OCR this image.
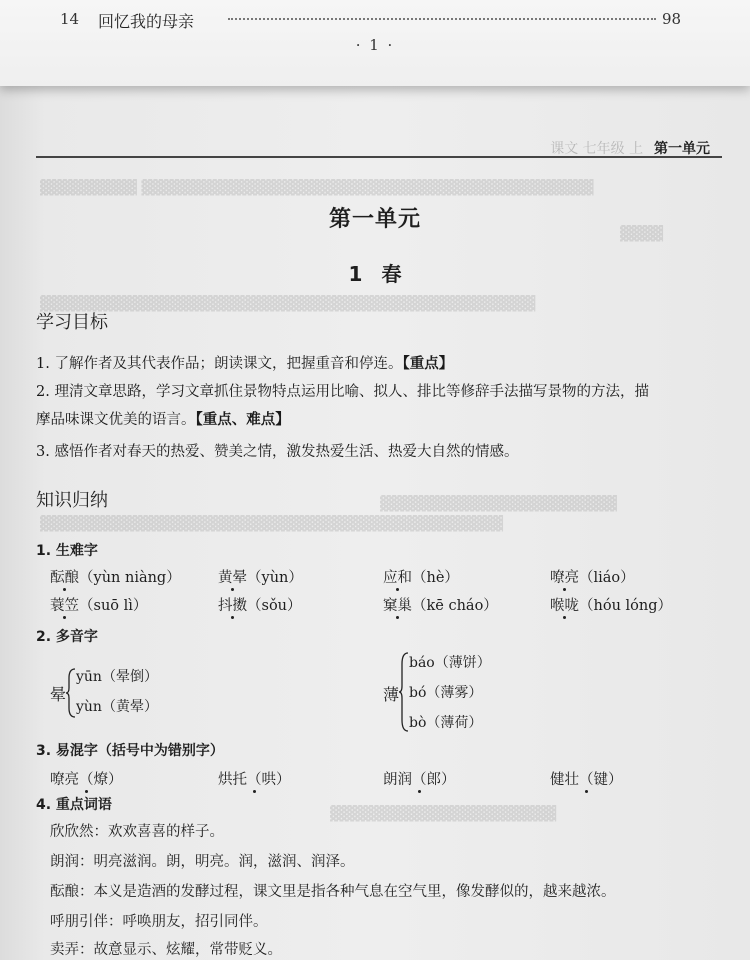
14 回忆我的母亲	98
· 1 ·
▓▓▓▓▓▓▓▓▓ ▓▓▓▓▓▓▓▓▓▓▓▓▓▓▓▓▓▓▓▓▓▓▓▓▓▓▓▓▓▓▓▓▓▓▓▓▓▓▓▓▓▓
▓▓▓▓
▓▓▓▓▓▓▓▓▓▓▓▓▓▓▓▓▓▓▓▓▓▓▓▓▓▓▓▓▓▓▓▓▓▓▓▓▓▓▓▓▓▓▓▓▓▓
▓▓▓▓▓▓▓▓▓▓▓▓▓▓▓▓▓▓▓▓▓▓
▓▓▓▓▓▓▓▓▓▓▓▓▓▓▓▓▓▓▓▓▓▓▓▓▓▓▓▓▓▓▓▓▓▓▓▓▓▓▓▓▓▓▓
▓▓▓▓▓▓▓▓▓▓▓▓▓▓▓▓▓▓▓▓▓
课文 七年级 上 第一单元
第一单元
1 春
学习目标
1. 了解作者及其代表作品；朗读课文，把握重音和停连。【重点】
2. 理清文章思路，学习文章抓住景物特点运用比喻、拟人、排比等修辞手法描写景物的方法，描
摩品味课文优美的语言。【重点、难点】
3. 感悟作者对春天的热爱、赞美之情，激发热爱生活、热爱大自然的情感。
知识归纳
1. 生难字
酝酿（yùn niàng）	黄晕（yùn）	应和（hè）	嘹亮（liáo）
蓑笠（suō lì）	抖擞（sǒu）	窠巢（kē cháo）	喉咙（hóu lóng）
2. 多音字
晕
yūn（晕倒）
yùn（黄晕）
薄
báo（薄饼）
bó（薄雾）
bò（薄荷）
3. 易混字（括号中为错别字）
嘹亮（燎）	烘托（哄）	朗润（郎）	健壮（键）
4. 重点词语
欣欣然：欢欢喜喜的样子。
朗润：明亮滋润。朗，明亮。润，滋润、润泽。
酝酿：本义是造酒的发酵过程，课文里是指各种气息在空气里，像发酵似的，越来越浓。
呼朋引伴：呼唤朋友，招引同伴。
卖弄：故意显示、炫耀，常带贬义。
